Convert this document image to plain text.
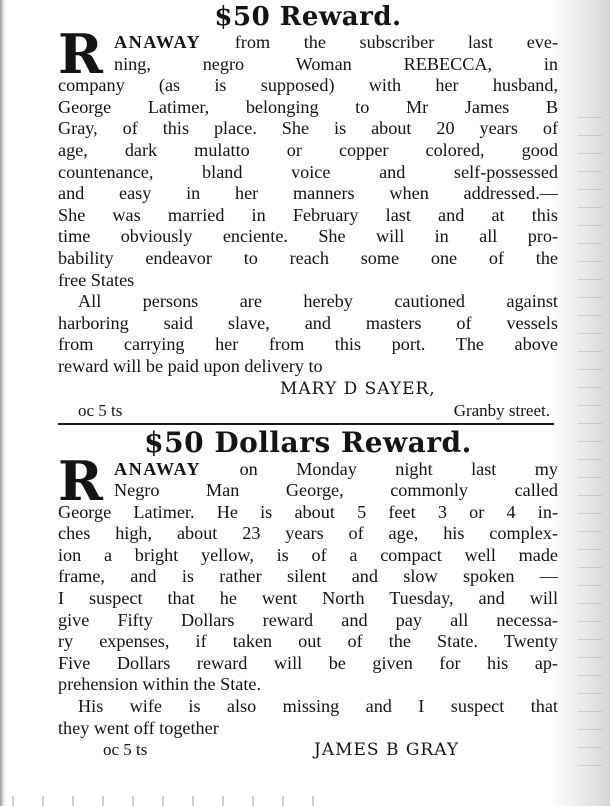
$50 Reward.
R ANAWAY from the subscriber last eve-
ning, negro Woman REBECCA, in
company (as is supposed) with her husband,
George Latimer, belonging to Mr James B
Gray, of this place. She is about 20 years of
age, dark mulatto or copper colored, good
countenance, bland voice and self-possessed
and easy in her manners when addressed.—
She was married in February last and at this
time obviously enciente. She will in all pro-
bability endeavor to reach some one of the
free States
All persons are hereby cautioned against
harboring said slave, and masters of vessels
from carrying her from this port. The above
reward will be paid upon delivery to
MARY D SAYER,
oc 5 ts	Granby street.
$50 Dollars Reward.
R ANAWAY on Monday night last my
Negro Man George, commonly called
George Latimer. He is about 5 feet 3 or 4 in-
ches high, about 23 years of age, his complex-
ion a bright yellow, is of a compact well made
frame, and is rather silent and slow spoken —
I suspect that he went North Tuesday, and will
give Fifty Dollars reward and pay all necessa-
ry expenses, if taken out of the State. Twenty
Five Dollars reward will be given for his ap-
prehension within the State.
His wife is also missing and I suspect that
they went off together
oc 5 ts	JAMES B GRAY
